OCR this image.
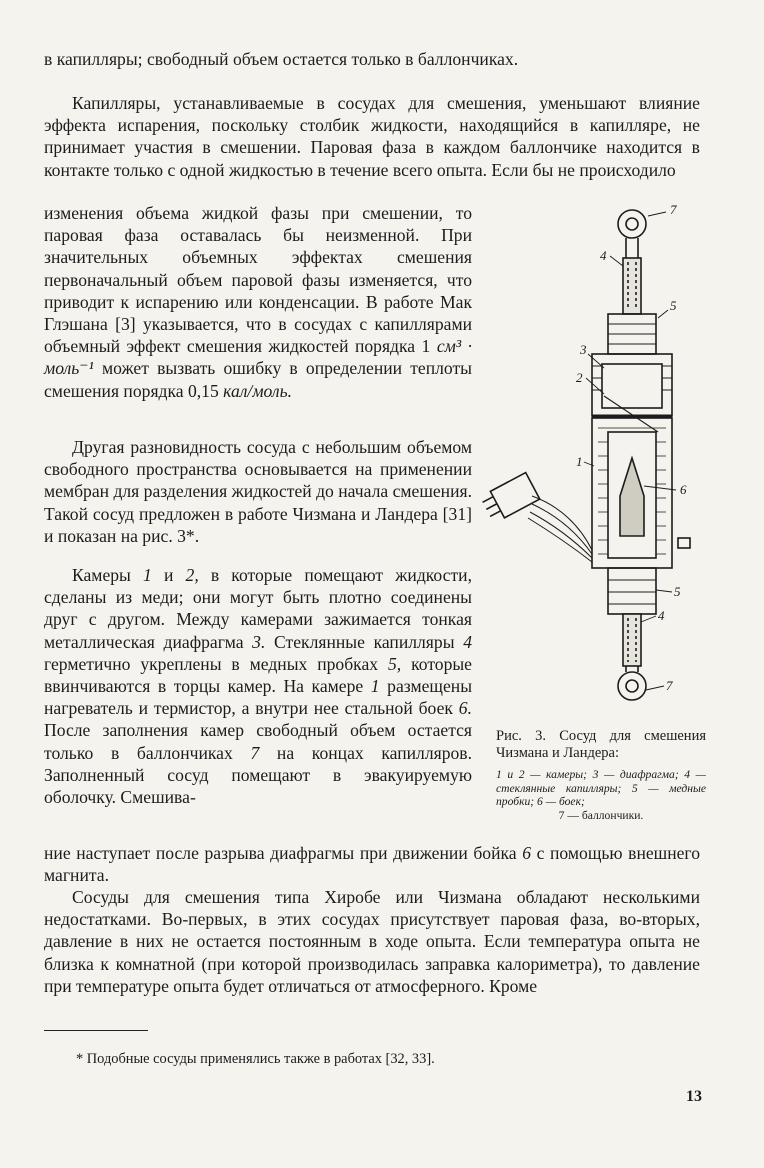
в капилляры; свободный объем остается только в баллончиках.

Капилляры, устанавливаемые в сосудах для смешения, уменьшают влияние эффекта испарения, поскольку столбик жидкости, находящийся в капилляре, не принимает участия в смешении. Паровая фаза в каждом баллончике находится в контакте только с одной жидкостью в течение всего опыта. Если бы не происходило

изменения объема жидкой фазы при смешении, то паровая фаза оставалась бы неизменной. При значительных объемных эффектах смешения первоначальный объем паровой фазы изменяется, что приводит к испарению или конденсации. В работе Мак Глэшана [3] указывается, что в сосудах с капиллярами объемный эффект смешения жидкостей порядка 1 см³ · моль⁻¹ может вызвать ошибку в определении теплоты смешения порядка 0,15 кал/моль.

Другая разновидность сосуда с небольшим объемом свободного пространства основывается на применении мембран для разделения жидкостей до начала смешения. Такой сосуд предложен в работе Чизмана и Ландера [31] и показан на рис. 3*.

Камеры 1 и 2, в которые помещают жидкости, сделаны из меди; они могут быть плотно соединены друг с другом. Между камерами зажимается тонкая металлическая диафрагма 3. Стеклянные капилляры 4 герметично укреплены в медных пробках 5, которые ввинчиваются в торцы камер. На камере 1 размещены нагреватель и термистор, а внутри нее стальной боек 6. После заполнения камер свободный объем остается только в баллончиках 7 на концах капилляров. Заполненный сосуд помещают в эвакуируемую оболочку. Смешива-

ние наступает после разрыва диафрагмы при движении бойка 6 с помощью внешнего магнита.

Сосуды для смешения типа Хиробе или Чизмана обладают несколькими недостатками. Во-первых, в этих сосудах присутствует паровая фаза, во-вторых, давление в них не остается постоянным в ходе опыта. Если температура опыта не близка к комнатной (при которой производилась заправка калориметра), то давление при температуре опыта будет отличаться от атмосферного. Кроме

7
4
5
3
2
1
6
5
4
7
Рис. 3. Сосуд для смешения Чизмана и Ландера:
1 и 2 — камеры; 3 — диафрагма; 4 — стеклянные капилляры; 5 — медные пробки; 6 — боек;
7 — баллончики.
* Подобные сосуды применялись также в работах [32, 33].
13
